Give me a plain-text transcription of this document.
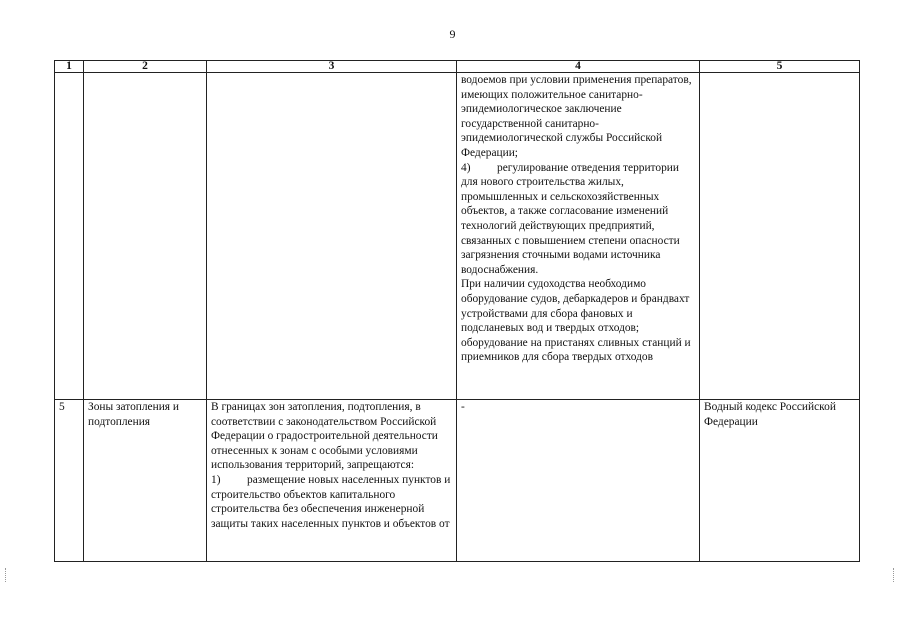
9
1	2	3	4	5

			водоемов при условии применения препаратов, имеющих положительное санитарно-эпидемиологическое заключение государственной санитарно-эпидемиологической службы Российской Федерации;
4) регулирование отведения территории для нового строительства жилых, промышленных и сельскохозяйственных объектов, а также согласование изменений технологий действующих предприятий, связанных с повышением степени опасности загрязнения сточными водами источника водоснабжения.
При наличии судоходства необходимо оборудование судов, дебаркадеров и брандвахт устройствами для сбора фановых и подсланевых вод и твердых отходов; оборудование на пристанях сливных станций и приемников для сбора твердых отходов	

5	Зоны затопления и подтопления	В границах зон затопления, подтопления, в соответствии с законодательством Российской Федерации о градостроительной деятельности отнесенных к зонам с особыми условиями использования территорий, запрещаются:
1) размещение новых населенных пунктов и строительство объектов капитального строительства без обеспечения инженерной защиты таких населенных пунктов и объектов от	-	Водный кодекс Российской Федерации
